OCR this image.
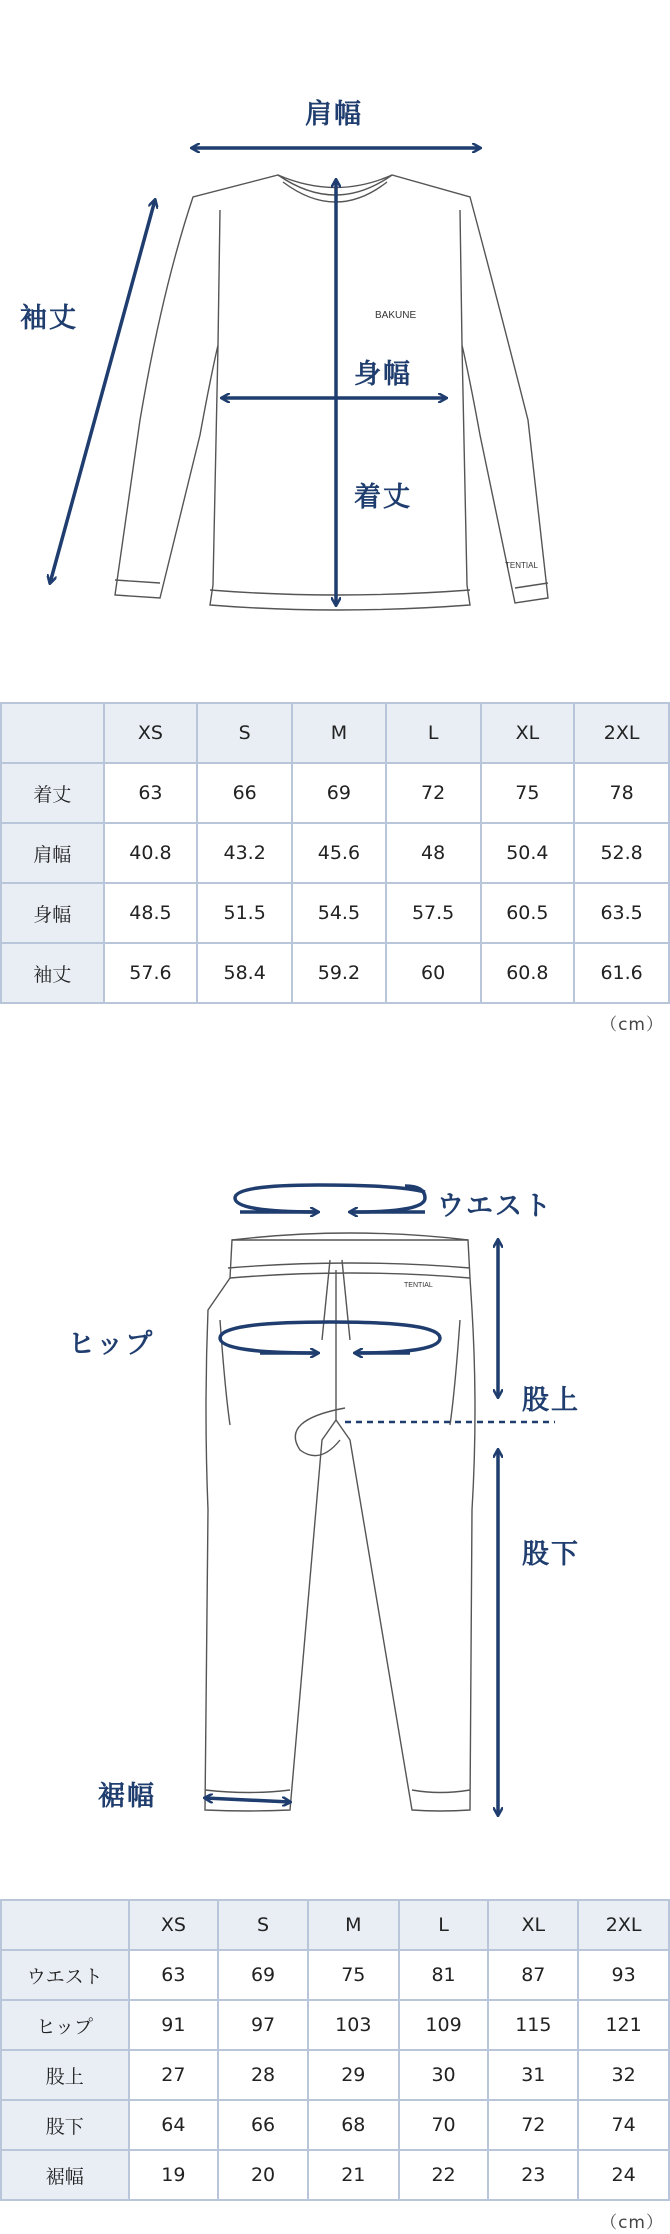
BAKUNE
TENTIAL
肩幅
袖丈
身幅
着丈
	XS	S	M	L	XL	2XL
着丈	63	66	69	72	75	78
肩幅	40.8	43.2	45.6	48	50.4	52.8
身幅	48.5	51.5	54.5	57.5	60.5	63.5
袖丈	57.6	58.4	59.2	60	60.8	61.6
（cm）
TENTIAL
ウエスト
ヒップ
股上
股下
裾幅
	XS	S	M	L	XL	2XL
ウエスト	63	69	75	81	87	93
ヒップ	91	97	103	109	115	121
股上	27	28	29	30	31	32
股下	64	66	68	70	72	74
裾幅	19	20	21	22	23	24
（cm）
